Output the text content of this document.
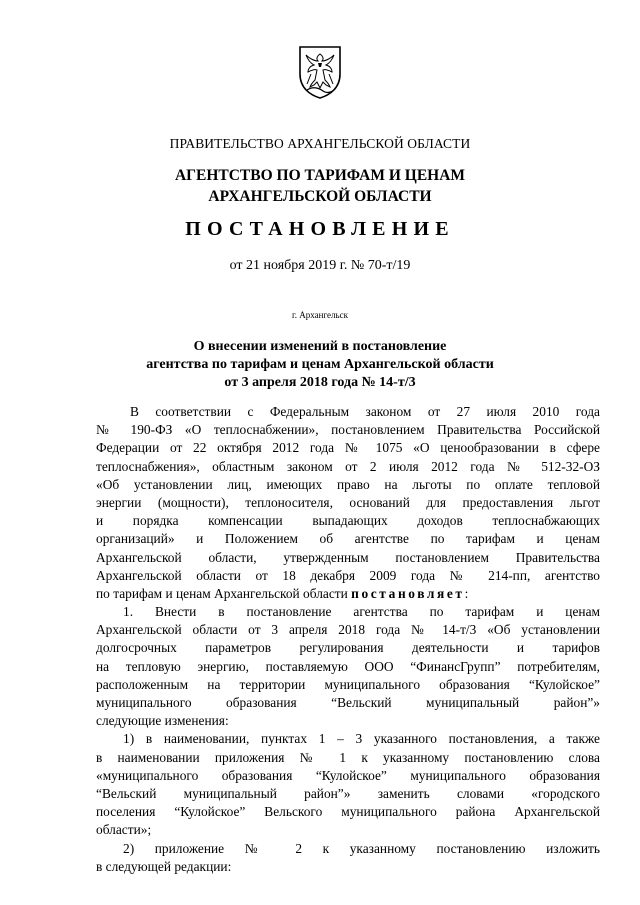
ПРАВИТЕЛЬСТВО АРХАНГЕЛЬСКОЙ ОБЛАСТИ
АГЕНТСТВО ПО ТАРИФАМ И ЦЕНАМ
АРХАНГЕЛЬСКОЙ ОБЛАСТИ
ПОСТАНОВЛЕНИЕ
от 21 ноября 2019 г. № 70-т/19
г. Архангельск
О внесении изменений в постановление
агентства по тарифам и ценам Архангельской области
от 3 апреля 2018 года № 14-т/3
В соответствии с Федеральным законом от 27 июля 2010 года
№ 190-ФЗ «О теплоснабжении», постановлением Правительства Российской
Федерации от 22 октября 2012 года № 1075 «О ценообразовании в сфере
теплоснабжения», областным законом от 2 июля 2012 года № 512-32-ОЗ
«Об установлении лиц, имеющих право на льготы по оплате тепловой
энергии (мощности), теплоносителя, оснований для предоставления льгот
и порядка компенсации выпадающих доходов теплоснабжающих
организаций» и Положением об агентстве по тарифам и ценам
Архангельской области, утвержденным постановлением Правительства
Архангельской области от 18 декабря 2009 года № 214-пп, агентство
по тарифам и ценам Архангельской области постановляет:
1. Внести в постановление агентства по тарифам и ценам
Архангельской области от 3 апреля 2018 года № 14-т/3 «Об установлении
долгосрочных параметров регулирования деятельности и тарифов
на тепловую энергию, поставляемую ООО “ФинансГрупп” потребителям,
расположенным на территории муниципального образования “Кулойское”
муниципального образования “Вельский муниципальный район”»
следующие изменения:
1) в наименовании, пунктах 1 – 3 указанного постановления, а также
в наименовании приложения № 1 к указанному постановлению слова
«муниципального образования “Кулойское” муниципального образования
“Вельский муниципальный район”» заменить словами «городского
поселения “Кулойское” Вельского муниципального района Архангельской
области»;
2) приложение № 2 к указанному постановлению изложить
в следующей редакции:
